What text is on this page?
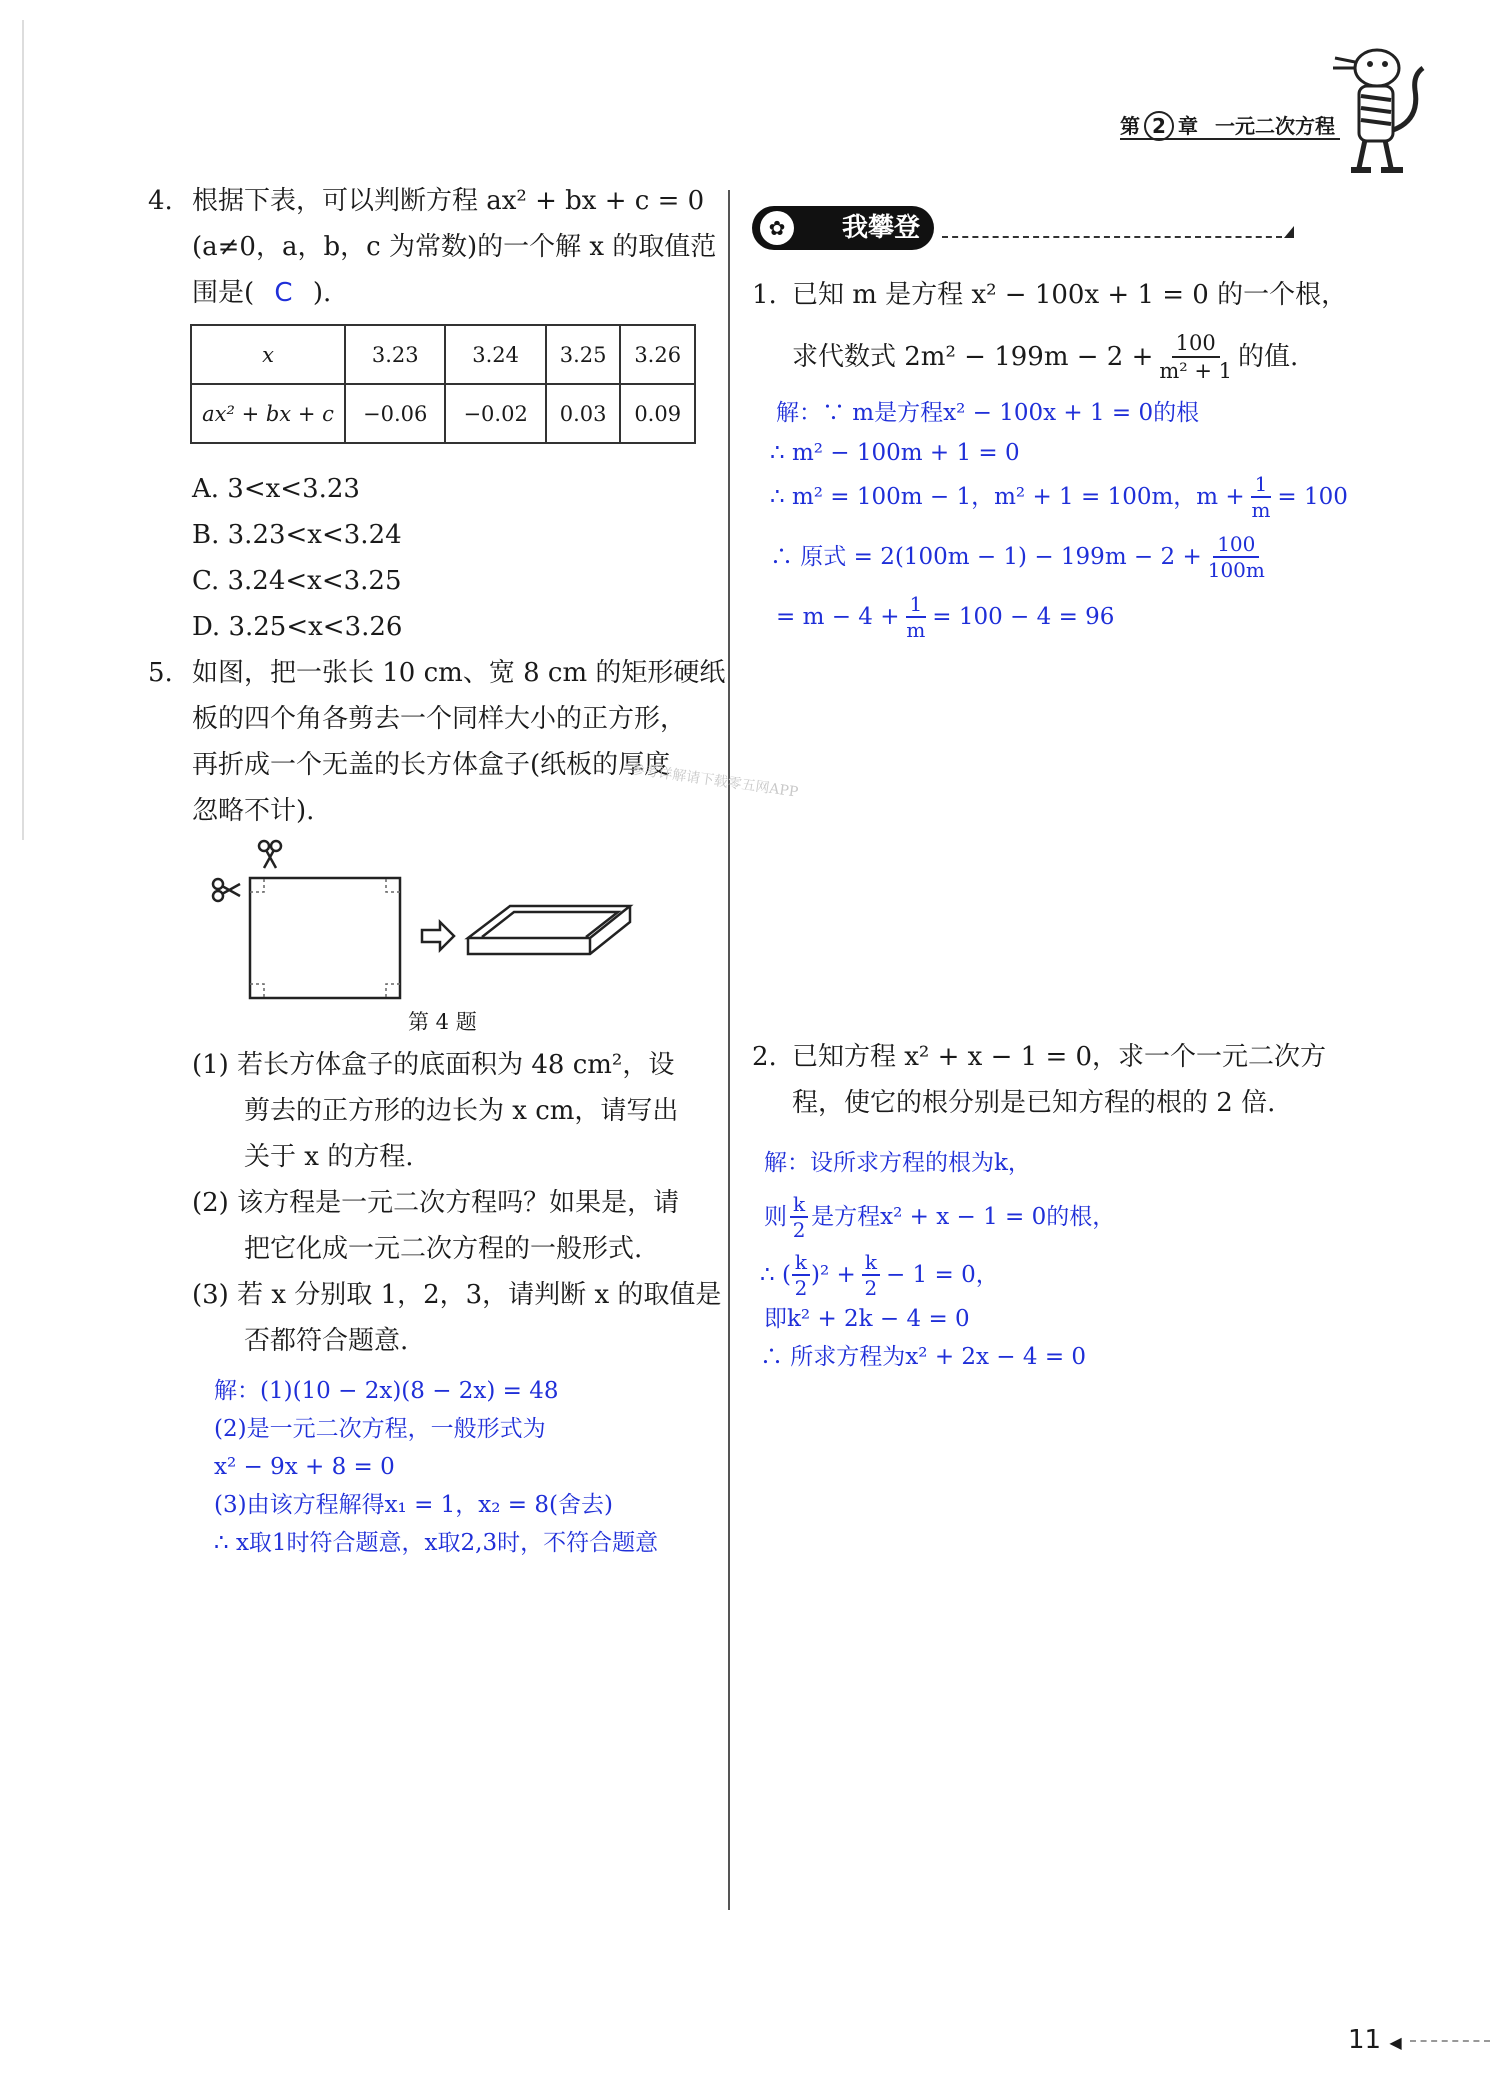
第 2 章 一元二次方程
4. 根据下表，可以判断方程 ax² + bx + c = 0
(a≠0，a，b，c 为常数)的一个解 x 的取值范
围是( C ).
x	3.23	3.24	3.25	3.26
ax² + bx + c	−0.06	−0.02	0.03	0.09
A. 3<x<3.23
B. 3.23<x<3.24
C. 3.24<x<3.25
D. 3.25<x<3.26
5. 如图，把一张长 10 cm、宽 8 cm 的矩形硬纸
板的四个角各剪去一个同样大小的正方形，
再折成一个无盖的长方体盒子(纸板的厚度
忽略不计).
第 4 题
(1) 若长方体盒子的底面积为 48 cm²，设
剪去的正方形的边长为 x cm，请写出
关于 x 的方程.
(2) 该方程是一元二次方程吗？如果是，请
把它化成一元二次方程的一般形式.
(3) 若 x 分别取 1，2，3，请判断 x 的取值是
否都符合题意.
解：(1)(10 − 2x)(8 − 2x) = 48
(2)是一元二次方程，一般形式为
x² − 9x + 8 = 0
(3)由该方程解得x₁ = 1，x₂ = 8(舍去)
∴ x取1时符合题意，x取2,3时，不符合题意
✿	我攀登
1. 已知 m 是方程 x² − 100x + 1 = 0 的一个根，
求代数式 $2m^2 - 199m - 2 + \frac{100}{\text{m² + 1}}$ 的值.
解：∵ m是方程x² − 100x + 1 = 0的根
∴ m² − 100m + 1 = 0
∴ m² = 100m − 1，m² + 1 = 100m，$m + \frac{1}{m} = 100$
∴ 原式 = $2(100m - 1) - 199m - 2 + \frac{100}{100m}$
= $m - 4 + \frac{1}{m} = 100 - 4 = 96$
参考详解请下载零五网APP
2. 已知方程 x² + x − 1 = 0，求一个一元二次方
程，使它的根分别是已知方程的根的 2 倍.
解：设所求方程的根为k，
则 $\frac{k}{2}$ 是方程x² + x − 1 = 0的根，
∴ ( $\frac{k}{2} )^2 + \frac{k}{2} - 1 = 0$，
即k² + 2k − 4 = 0
∴ 所求方程为x² + 2x − 4 = 0
11 ◀
